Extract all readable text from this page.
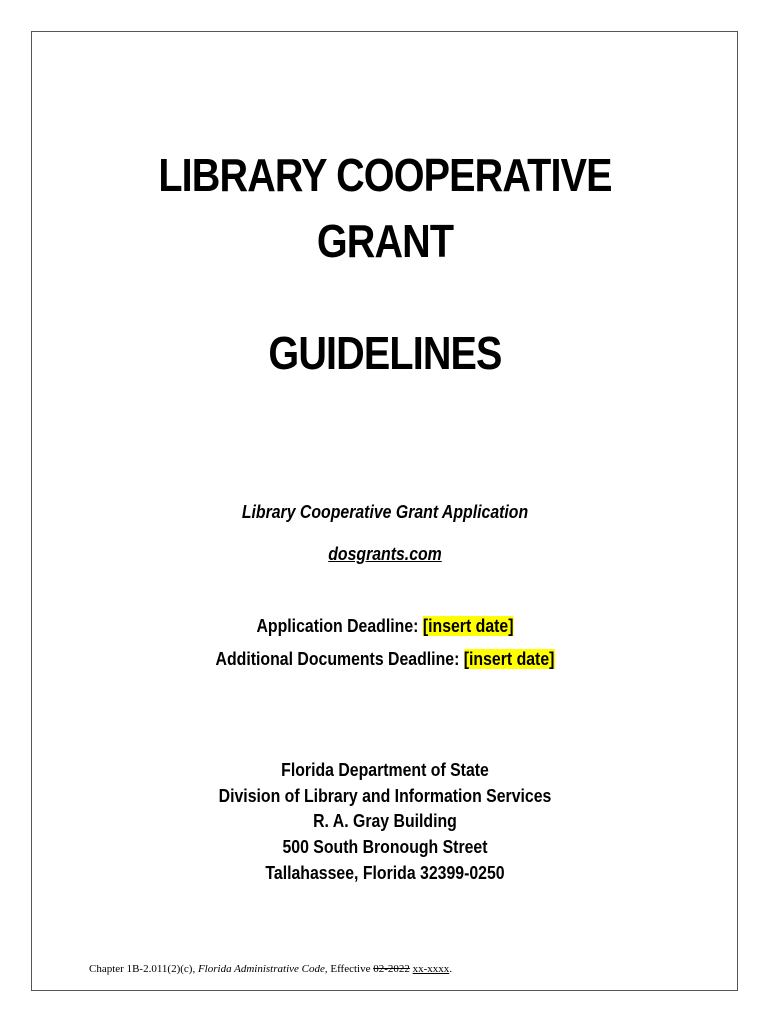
LIBRARY COOPERATIVE
GRANT
GUIDELINES
Library Cooperative Grant Application
dosgrants.com
Application Deadline: [insert date]
Additional Documents Deadline: [insert date]
Florida Department of State
Division of Library and Information Services
R. A. Gray Building
500 South Bronough Street
Tallahassee, Florida 32399-0250
Chapter 1B-2.011(2)(c), Florida Administrative Code, Effective 02-2022 xx-xxxx.
